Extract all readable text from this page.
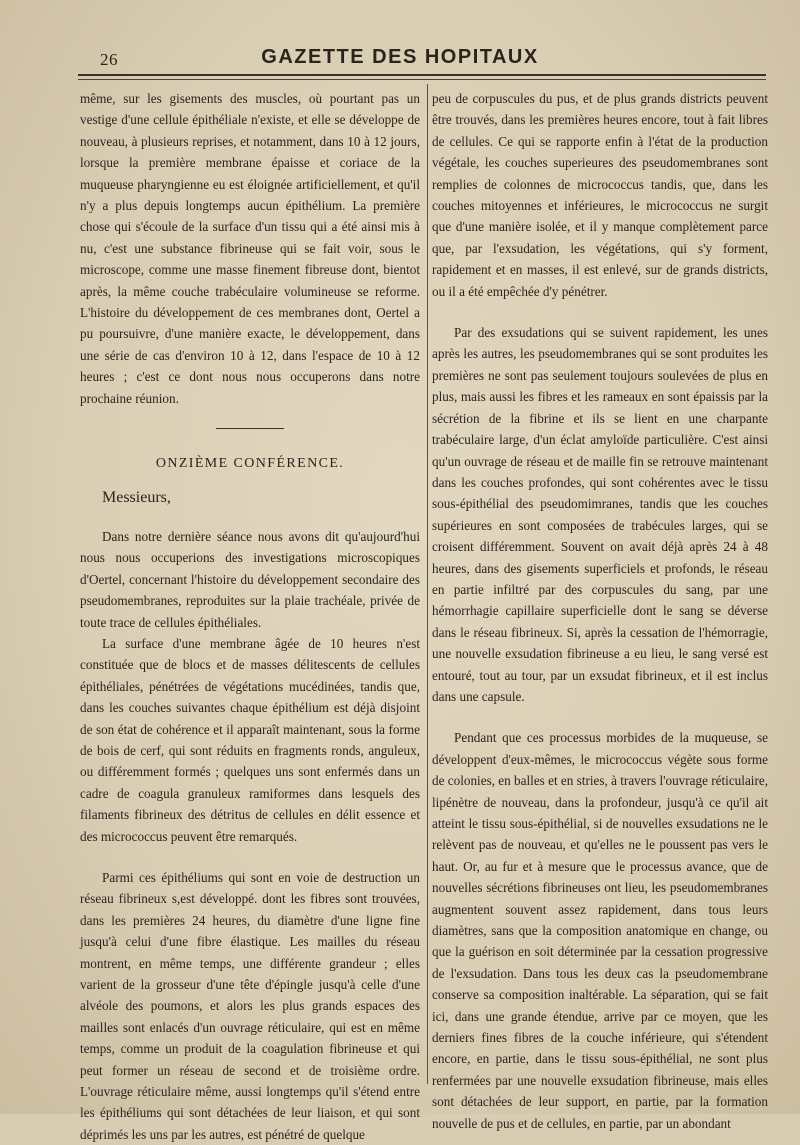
26	GAZETTE DES HOPITAUX

même, sur les gisements des muscles, où pourtant pas un vestige d'une cellule épithéliale n'existe, et elle se développe de nouveau, à plusieurs reprises, et notamment, dans 10 à 12 jours, lorsque la première membrane épaisse et coriace de la muqueuse pharyngienne eu est éloignée artificiellement, et qu'il n'y a plus depuis longtemps aucun épithélium. La première chose qui s'écoule de la surface d'un tissu qui a été ainsi mis à nu, c'est une substance fibrineuse qui se fait voir, sous le microscope, comme une masse finement fibreuse dont, bientot après, la même couche trabéculaire volumineuse se reforme. L'histoire du développement de ces membranes dont, Oertel a pu poursuivre, d'une manière exacte, le développement, dans une série de cas d'environ 10 à 12, dans l'espace de 10 à 12 heures ; c'est ce dont nous nous occuperons dans notre prochaine réunion.

ONZIÈME CONFÉRENCE.

Messieurs,

Dans notre dernière séance nous avons dit qu'aujourd'hui nous nous occuperions des investigations microscopiques d'Oertel, concernant l'histoire du développement secondaire des pseudomembranes, reproduites sur la plaie trachéale, privée de toute trace de cellules épithéliales.

La surface d'une membrane âgée de 10 heures n'est constituée que de blocs et de masses délitescents de cellules épithéliales, pénétrées de végétations mucédinées, tandis que, dans les couches suivantes chaque épithélium est déjà disjoint de son état de cohérence et il apparaît maintenant, sous la forme de bois de cerf, qui sont réduits en fragments ronds, anguleux, ou différemment formés ; quelques uns sont enfermés dans un cadre de coagula granuleux ramiformes dans lesquels des filaments fibrineux des détritus de cellules en délit essence et des micrococcus peuvent être remarqués.

Parmi ces épithéliums qui sont en voie de destruction un réseau fibrineux s,est développé. dont les fibres sont trouvées, dans les premières 24 heures, du diamètre d'une ligne fine jusqu'à celui d'une fibre élastique. Les mailles du réseau montrent, en même temps, une différente grandeur ; elles varient de la grosseur d'une tête d'épingle jusqu'à celle d'une alvéole des poumons, et alors les plus grands espaces des mailles sont enlacés d'un ouvrage réticulaire, qui est en même temps, comme un produit de la coagulation fibrineuse et qui peut former un réseau de second et de troisième ordre. L'ouvrage réticulaire même, aussi longtemps qu'il s'étend entre les épithéliums qui sont détachées de leur liaison, et qui sont déprimés les uns par les autres, est pénétré de quelque

peu de corpuscules du pus, et de plus grands districts peuvent être trouvés, dans les premières heures encore, tout à fait libres de cellules. Ce qui se rapporte enfin à l'état de la production végétale, les couches superieures des pseudomembranes sont remplies de colonnes de micrococcus tandis, que, dans les couches mitoyennes et inférieures, le micrococcus ne surgit que d'une manière isolée, et il y manque complètement parce que, par l'exsudation, les végétations, qui s'y forment, rapidement et en masses, il est enlevé, sur de grands districts, ou il a été empêchée d'y pénétrer.

Par des exsudations qui se suivent rapidement, les unes après les autres, les pseudomembranes qui se sont produites les premières ne sont pas seulement toujours soulevées de plus en plus, mais aussi les fibres et les rameaux en sont épaissis par la sécrétion de la fibrine et ils se lient en une charpante trabéculaire large, d'un éclat amyloïde particulière. C'est ainsi qu'un ouvrage de réseau et de maille fin se retrouve maintenant dans les couches profondes, qui sont cohérentes avec le tissu sous-épithélial des pseudomimranes, tandis que les couches supérieures en sont composées de trabécules larges, qui se croisent différemment. Souvent on avait déjà après 24 à 48 heures, dans des gisements superficiels et profonds, le réseau en partie infiltré par des corpuscules du sang, par une hémorrhagie capillaire superficielle dont le sang se déverse dans le réseau fibrineux. Si, après la cessation de l'hémorragie, une nouvelle exsudation fibrineuse a eu lieu, le sang versé est entouré, tout au tour, par un exsudat fibrineux, et il est inclus dans une capsule.

Pendant que ces processus morbides de la muqueuse, se développent d'eux-mêmes, le micrococcus végète sous forme de colonies, en balles et en stries, à travers l'ouvrage réticulaire, lipénètre de nouveau, dans la profondeur, jusqu'à ce qu'il ait atteint le tissu sous-épithélial, si de nouvelles exsudations ne le relèvent pas de nouveau, et qu'elles ne le poussent pas vers le haut. Or, au fur et à mesure que le processus avance, que de nouvelles sécrétions fibrineuses ont lieu, les pseudomembranes augmentent souvent assez rapidement, dans tous leurs diamètres, sans que la composition anatomique en change, ou que la guérison en soit déterminée par la cessation progressive de l'exsudation. Dans tous les deux cas la pseudomembrane conserve sa composition inaltérable. La séparation, qui se fait ici, dans une grande étendue, arrive par ce moyen, que les derniers fines fibres de la couche inférieure, qui s'étendent encore, en partie, dans le tissu sous-épithélial, ne sont plus renfermées par une nouvelle exsudation fibrineuse, mais elles sont détachées de leur support, en partie, par la formation nouvelle de pus et de cellules, en partie, par un abondant
